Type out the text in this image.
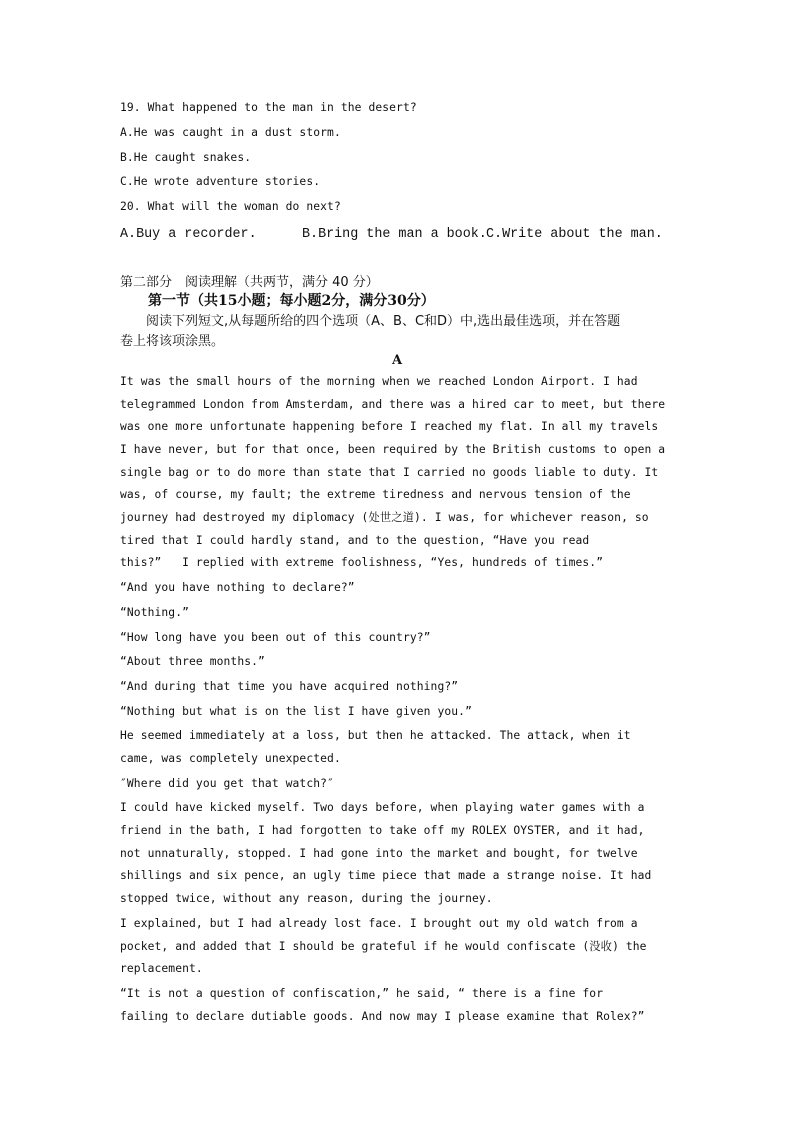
19. What happened to the man in the desert?
A.He was caught in a dust storm.
B.He caught snakes.
C.He wrote adventure stories.
20. What will the woman do next?
A.Buy a recorder.	B.Bring the man a book. C.Write about the man.
第二部分　阅读理解（共两节，满分 40 分）
第一节（共15小题；每小题2分，满分30分）
阅读下列短文,从每题所给的四个选项（A、B、C和D）中,选出最佳选项，并在答题
卷上将该项涂黑。
A
It was the small hours of the morning when we reached London Airport. I had
telegrammed London from Amsterdam, and there was a hired car to meet, but there
was one more unfortunate happening before I reached my flat. In all my travels
I have never, but for that once, been required by the British customs to open a
single bag or to do more than state that I carried no goods liable to duty. It
was, of course, my fault; the extreme tiredness and nervous tension of the
journey had destroyed my diplomacy (处世之道). I was, for whichever reason, so
tired that I could hardly stand, and to the question, “Have you read
this?”   I replied with extreme foolishness, “Yes, hundreds of times.”
“And you have nothing to declare?”
“Nothing.”
“How long have you been out of this country?”
“About three months.”
“And during that time you have acquired nothing?”
“Nothing but what is on the list I have given you.”
He seemed immediately at a loss, but then he attacked. The attack, when it
came, was completely unexpected.
″Where did you get that watch?″
I could have kicked myself. Two days before, when playing water games with a
friend in the bath, I had forgotten to take off my ROLEX OYSTER, and it had,
not unnaturally, stopped. I had gone into the market and bought, for twelve
shillings and six pence, an ugly time piece that made a strange noise. It had
stopped twice, without any reason, during the journey.
I explained, but I had already lost face. I brought out my old watch from a
pocket, and added that I should be grateful if he would confiscate (没收) the
replacement.
“It is not a question of confiscation,” he said, “ there is a fine for
failing to declare dutiable goods. And now may I please examine that Rolex?”
